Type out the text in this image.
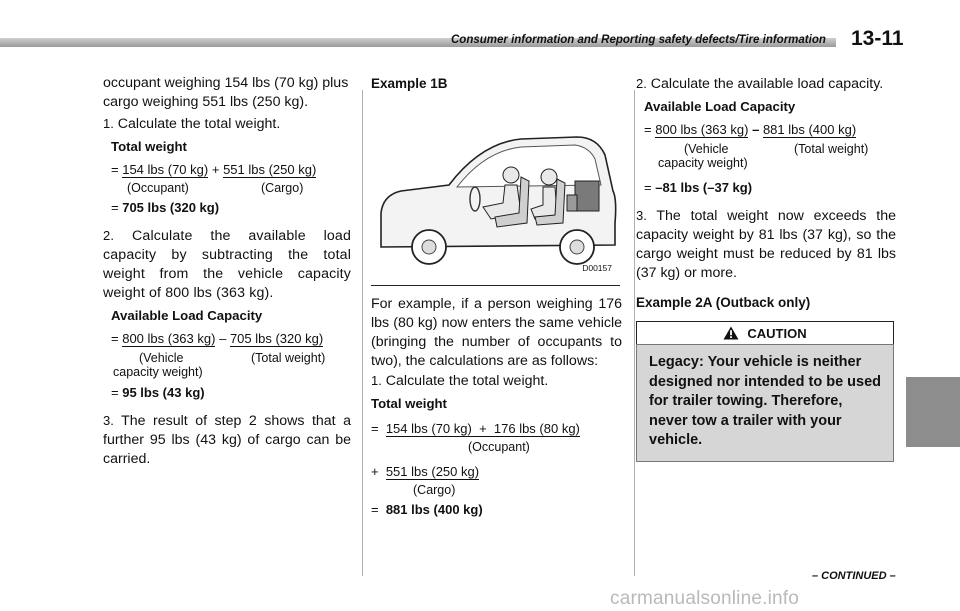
Consumer information and Reporting safety defects/Tire information 13-11

occupant weighing 154 lbs (70 kg) plus cargo weighing 551 lbs (250 kg).

1. Calculate the total weight.

Total weight
= 154 lbs (70 kg) + 551 lbs (250 kg)
(Occupant)	(Cargo)
= 705 lbs (320 kg)

2. Calculate the available load capacity by subtracting the total weight from the vehicle capacity weight of 800 lbs (363 kg).

Available Load Capacity
= 800 lbs (363 kg) – 705 lbs (320 kg)
(Vehicle
capacity weight)
(Total weight)
= 95 lbs (43 kg)

3. The result of step 2 shows that a further 95 lbs (43 kg) of cargo can be carried.

Example 1B
D00157

For example, if a person weighing 176 lbs (80 kg) now enters the same vehicle (bringing the number of occupants to two), the calculations are as follows:

1. Calculate the total weight.

Total weight
= 154 lbs (70 kg) + 176 lbs (80 kg)
(Occupant)
+ 551 lbs (250 kg)
(Cargo)
= 881 lbs (400 kg)

2. Calculate the available load capacity.

Available Load Capacity
= 800 lbs (363 kg) – 881 lbs (400 kg)
(Vehicle
capacity weight)
(Total weight)
= –81 lbs (–37 kg)

3. The total weight now exceeds the capacity weight by 81 lbs (37 kg), so the cargo weight must be reduced by 81 lbs (37 kg) or more.

Example 2A (Outback only)
CAUTION
Legacy: Your vehicle is neither designed nor intended to be used for trailer towing. Therefore, never tow a trailer with your vehicle.
– CONTINUED –
carmanualsonline.info
